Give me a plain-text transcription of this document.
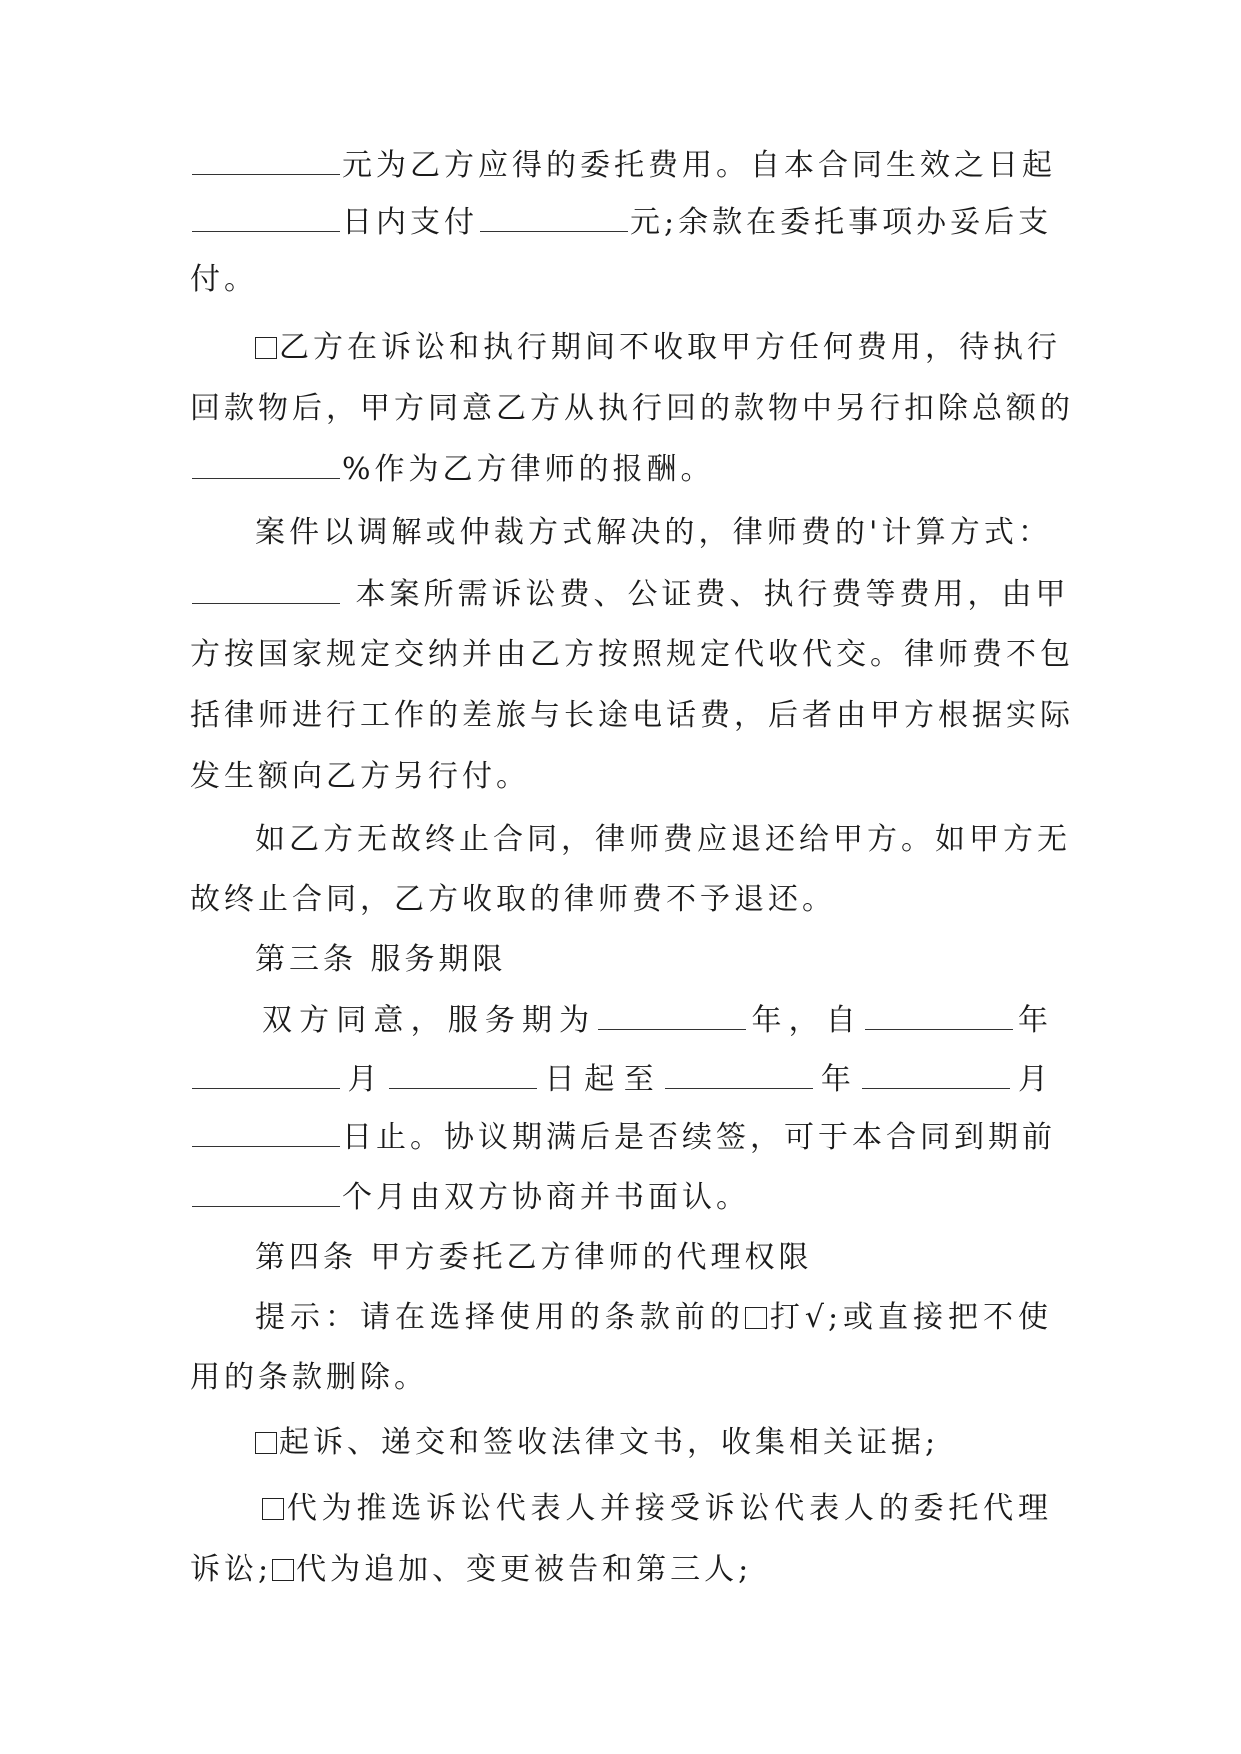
元为乙方应得的委托费用。自本合同生效之日起
日内支付	元;余款在委托事项办妥后支
付。
乙方在诉讼和执行期间不收取甲方任何费用，待执行
回款物后，甲方同意乙方从执行回的款物中另行扣除总额的
%作为乙方律师的报酬。
案件以调解或仲裁方式解决的，律师费的'计算方式：
本案所需诉讼费、公证费、执行费等费用，由甲
方按国家规定交纳并由乙方按照规定代收代交。律师费不包
括律师进行工作的差旅与长途电话费，后者由甲方根据实际
发生额向乙方另行付。
如乙方无故终止合同，律师费应退还给甲方。如甲方无
故终止合同，乙方收取的律师费不予退还。
第三条 服务期限
双方同意，服务期为	年，自	年
月	日起至	年	月
日止。协议期满后是否续签，可于本合同到期前
个月由双方协商并书面认。
第四条 甲方委托乙方律师的代理权限
提示：请在选择使用的条款前的 打√;或直接把不使
用的条款删除。
起诉、递交和签收法律文书，收集相关证据;
代为推选诉讼代表人并接受诉讼代表人的委托代理
诉讼; 代为追加、变更被告和第三人;
